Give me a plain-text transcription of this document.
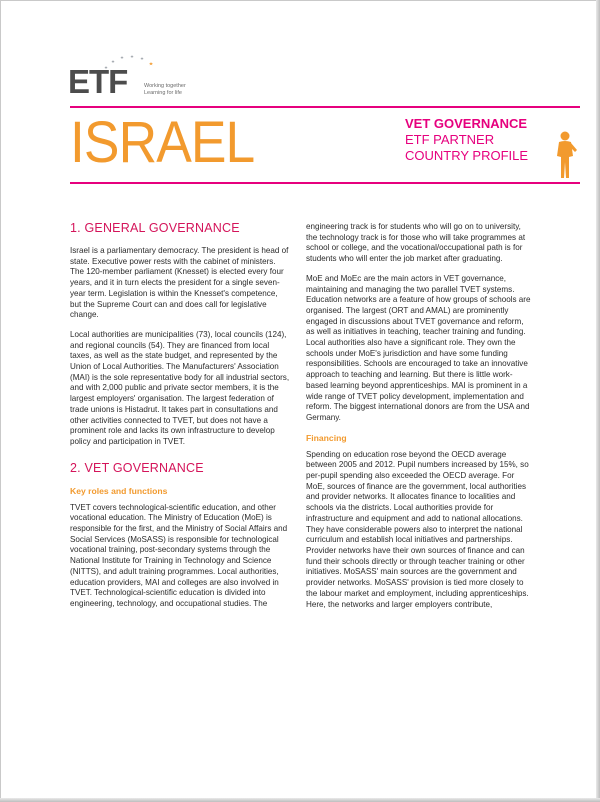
ETF	Working together
Learning for life
ISRAEL	VET GOVERNANCE
ETF PARTNER
COUNTRY PROFILE
1. GENERAL GOVERNANCE

Israel is a parliamentary democracy. The president is head of state. Executive power rests with the cabinet of ministers. The 120-member parliament (Knesset) is elected every four years, and it in turn elects the president for a single seven-year term. Legislation is within the Knesset's competence, but the Supreme Court can and does call for legislative change.

Local authorities are municipalities (73), local councils (124), and regional councils (54). They are financed from local taxes, as well as the state budget, and represented by the Union of Local Authorities. The Manufacturers' Association (MAI) is the sole representative body for all industrial sectors, and with 2,000 public and private sector members, it is the largest employers' organisation. The largest federation of trade unions is Histadrut. It takes part in consultations and other activities connected to TVET, but does not have a prominent role and lacks its own infrastructure to develop policy and participation in TVET.

2. VET GOVERNANCE
Key roles and functions

TVET covers technological-scientific education, and other vocational education. The Ministry of Education (MoE) is responsible for the first, and the Ministry of Social Affairs and Social Services (MoSASS) is responsible for technological vocational training, post-secondary systems through the National Institute for Training in Technology and Science (NITTS), and adult training programmes. Local authorities, education providers, MAI and colleges are also involved in TVET. Technological-scientific education is divided into engineering, technology, and occupational studies. The

engineering track is for students who will go on to university, the technology track is for those who will take programmes at school or college, and the vocational/occupational path is for students who will enter the job market after graduating.

MoE and MoEc are the main actors in VET governance, maintaining and managing the two parallel TVET systems. Education networks are a feature of how groups of schools are organised. The largest (ORT and AMAL) are prominently engaged in discussions about TVET governance and reform, as well as initiatives in teaching, teacher training and funding. Local authorities also have a significant role. They own the schools under MoE's jurisdiction and have some funding responsibilities. Schools are encouraged to take an innovative approach to teaching and learning. But there is little work-based learning beyond apprenticeships. MAI is prominent in a wide range of TVET policy development, implementation and reform. The biggest international donors are from the USA and Germany.

Financing

Spending on education rose beyond the OECD average between 2005 and 2012. Pupil numbers increased by 15%, so per-pupil spending also exceeded the OECD average. For MoE, sources of finance are the government, local authorities and provider networks. It allocates finance to localities and schools via the districts. Local authorities provide for infrastructure and equipment and add to national allocations. They have considerable powers also to interpret the national curriculum and establish local initiatives and partnerships. Provider networks have their own sources of finance and can fund their schools directly or through teacher training or other initiatives. MoSASS' main sources are the government and provider networks. MoSASS' provision is tied more closely to the labour market and employment, including apprenticeships. Here, the networks and larger employers contribute,
